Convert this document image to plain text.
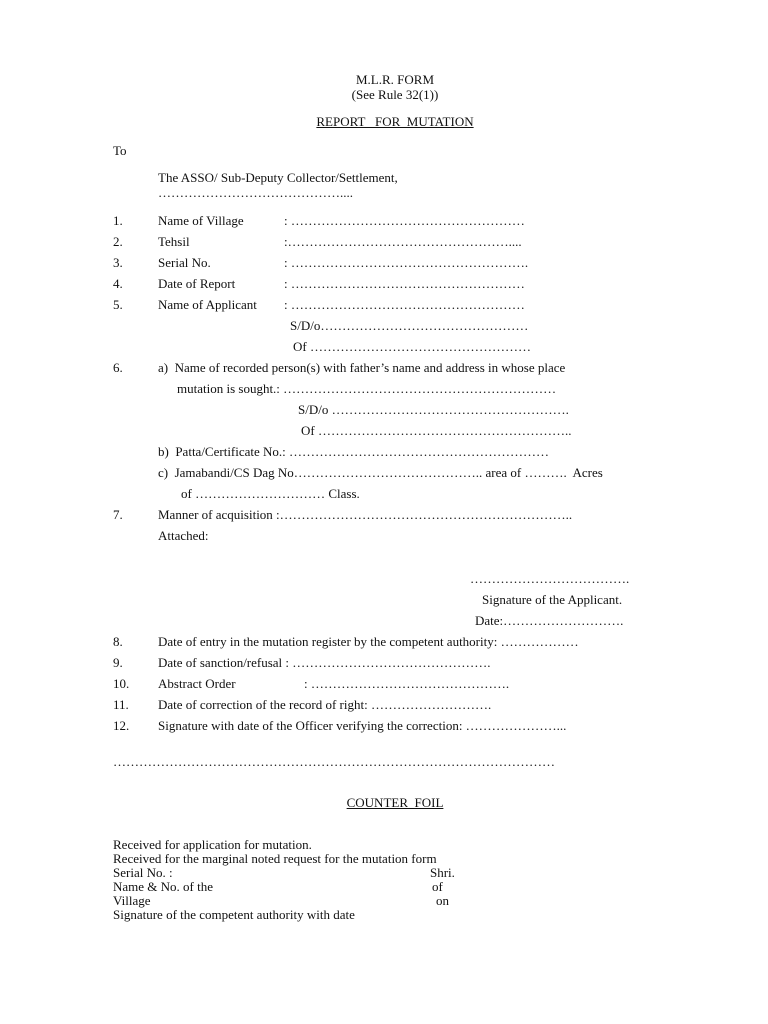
M.L.R. FORM
(See Rule 32(1))
REPORT   FOR  MUTATION
To
The ASSO/ Sub-Deputy Collector/Settlement,
……………………………………....
1.	Name of Village	: ………………………………………………
2.	Tehsil	:……………………………………………....
3.	Serial No.	: ……………………………………………….
4.	Date of Report	: ………………………………………………
5.	Name of Applicant : ………………………………………………
S/D/o…………………………………………
Of ……………………………………………
6.	a)  Name of recorded person(s) with father’s name and address in whose place
mutation is sought.: ………………………………………………………
S/D/o ……………………………………………….
Of …………………………………………………..
b)  Patta/Certificate No.: ……………………………………………………
c)  Jamabandi/CS Dag No…………………………………….. area of ……….  Acres
of ………………………… Class.
7.	Manner of acquisition :…………………………………………………………..
Attached:
……………………………….
Signature of the Applicant.
Date:……………………….
8.	Date of entry in the mutation register by the competent authority: ………………
9.	Date of sanction/refusal : ……………………………………….
10. Abstract Order	: ……………………………………….
11. Date of correction of the record of right: ……………………….
12. Signature with date of the Officer verifying the correction: …………………...
…………………………………………………………………………………………
COUNTER  FOIL
Received for application for mutation.
Received for the marginal noted request for the mutation form
Serial No. :	Shri.
Name & No. of the	of
Village	on
Signature of the competent authority with date
